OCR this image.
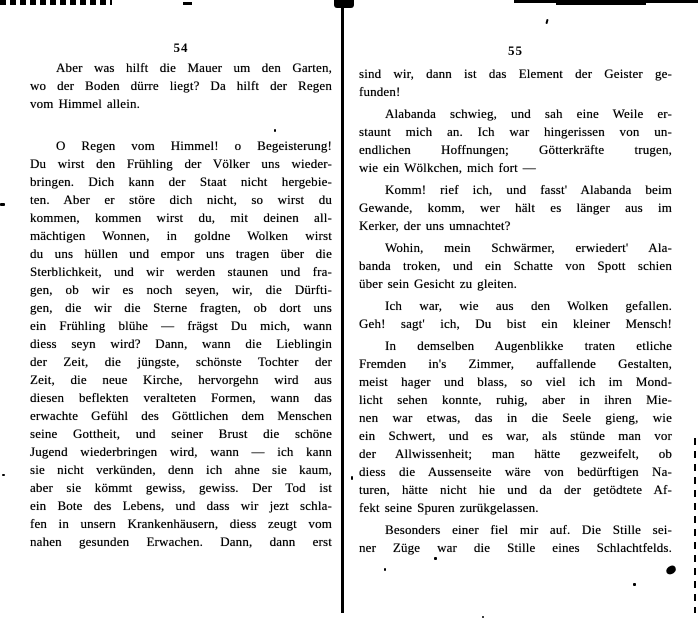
54
Aber was hilft die Mauer um den Garten,
wo der Boden dürre liegt? Da hilft der Regen
vom Himmel allein.
O Regen vom Himmel! o Begeisterung!
Du wirst den Frühling der Völker uns wieder-
bringen. Dich kann der Staat nicht hergebie-
ten. Aber er störe dich nicht, so wirst du
kommen, kommen wirst du, mit deinen all-
mächtigen Wonnen, in goldne Wolken wirst
du uns hüllen und empor uns tragen über die
Sterblichkeit, und wir werden staunen und fra-
gen, ob wir es noch seyen, wir, die Dürfti-
gen, die wir die Sterne fragten, ob dort uns
ein Frühling blühe — frägst Du mich, wann
diess seyn wird? Dann, wann die Lieblingin
der Zeit, die jüngste, schönste Tochter der
Zeit, die neue Kirche, hervorgehn wird aus
diesen beflekten veralteten Formen, wann das
erwachte Gefühl des Göttlichen dem Menschen
seine Gottheit, und seiner Brust die schöne
Jugend wiederbringen wird, wann — ich kann
sie nicht verkünden, denn ich ahne sie kaum,
aber sie kömmt gewiss, gewiss. Der Tod ist
ein Bote des Lebens, und dass wir jezt schla-
fen in unsern Krankenhäusern, diess zeugt vom
nahen gesunden Erwachen. Dann, dann erst
55
sind wir, dann ist das Element der Geister ge-
funden!
Alabanda schwieg, und sah eine Weile er-
staunt mich an. Ich war hingerissen von un-
endlichen Hoffnungen; Götterkräfte trugen,
wie ein Wölkchen, mich fort —
Komm! rief ich, und fasst' Alabanda beim
Gewande, komm, wer hält es länger aus im
Kerker, der uns umnachtet?
Wohin, mein Schwärmer, erwiedert' Ala-
banda troken, und ein Schatte von Spott schien
über sein Gesicht zu gleiten.
Ich war, wie aus den Wolken gefallen.
Geh! sagt' ich, Du bist ein kleiner Mensch!
In demselben Augenblikke traten etliche
Fremden in's Zimmer, auffallende Gestalten,
meist hager und blass, so viel ich im Mond-
licht sehen konnte, ruhig, aber in ihren Mie-
nen war etwas, das in die Seele gieng, wie
ein Schwert, und es war, als stünde man vor
der Allwissenheit; man hätte gezweifelt, ob
diess die Aussenseite wäre von bedürftigen Na-
turen, hätte nicht hie und da der getödtete Af-
fekt seine Spuren zurükgelassen.
Besonders einer fiel mir auf. Die Stille sei-
ner Züge war die Stille eines Schlachtfelds.
